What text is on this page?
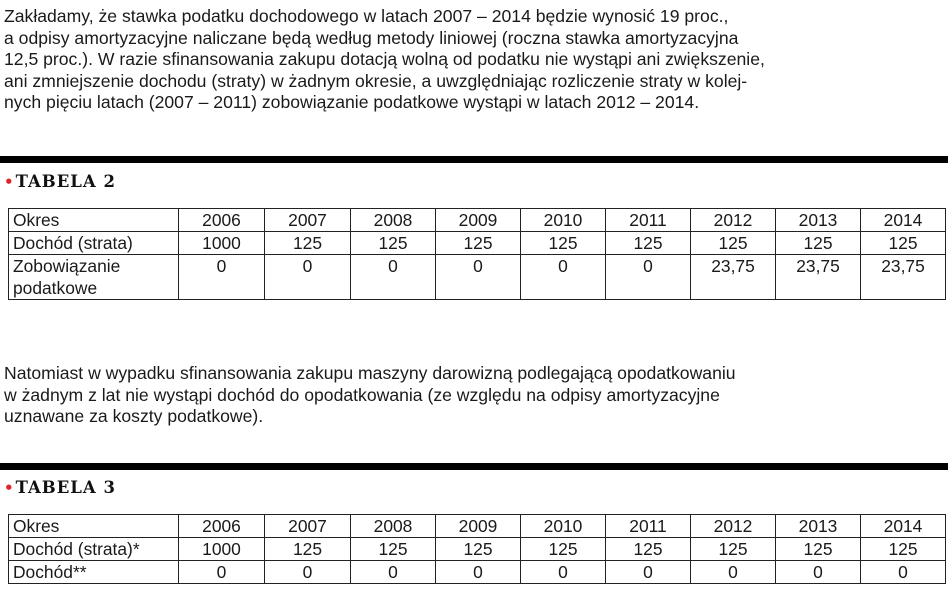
Zakładamy, że stawka podatku dochodowego w latach 2007 – 2014 będzie wynosić 19 proc.,
a odpisy amortyzacyjne naliczane będą według metody liniowej (roczna stawka amortyzacyjna
12,5 proc.). W razie sfinansowania zakupu dotacją wolną od podatku nie wystąpi ani zwiększenie,
ani zmniejszenie dochodu (straty) w żadnym okresie, a uwzględniając rozliczenie straty w kolej-
nych pięciu latach (2007 – 2011) zobowiązanie podatkowe wystąpi w latach 2012 – 2014.

•TABELA 2
Okres	2006	2007	2008	2009	2010	2011	2012	2013	2014
Dochód (strata)	1000	125	125	125	125	125	125	125	125
Zobowiązanie podatkowe	0	0	0	0	0	0	23,75	23,75	23,75

Natomiast w wypadku sfinansowania zakupu maszyny darowizną podlegającą opodatkowaniu
w żadnym z lat nie wystąpi dochód do opodatkowania (ze względu na odpisy amortyzacyjne
uznawane za koszty podatkowe).

•TABELA 3
Okres	2006	2007	2008	2009	2010	2011	2012	2013	2014
Dochód (strata)*	1000	125	125	125	125	125	125	125	125
Dochód**	0	0	0	0	0	0	0	0	0
